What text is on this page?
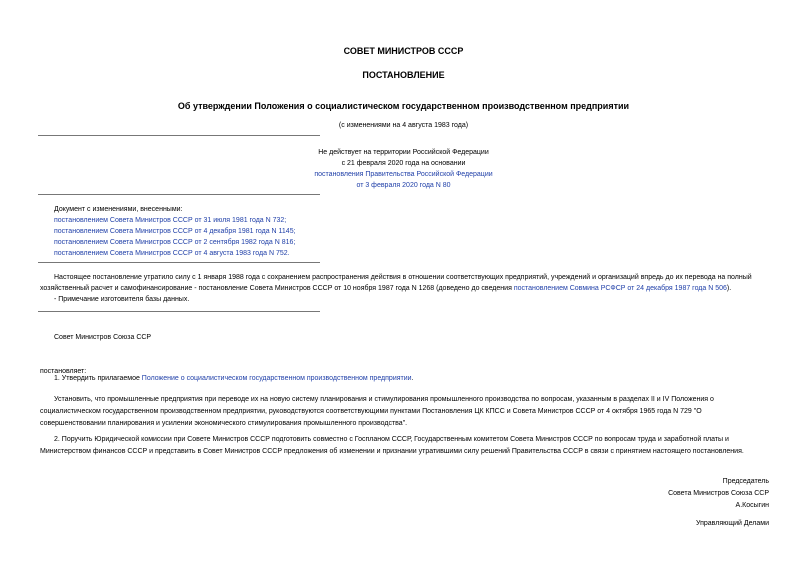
СОВЕТ МИНИСТРОВ СССР
ПОСТАНОВЛЕНИЕ
Об утверждении Положения о социалистическом государственном производственном предприятии
(с изменениями на 4 августа 1983 года)
Не действует на территории Российской Федерации
с 21 февраля 2020 года на основании
постановления Правительства Российской Федерации
от 3 февраля 2020 года N 80
Документ с изменениями, внесенными:
постановлением Совета Министров СССР от 31 июля 1981 года N 732;
постановлением Совета Министров СССР от 4 декабря 1981 года N 1145;
постановлением Совета Министров СССР от 2 сентября 1982 года N 816;
постановлением Совета Министров СССР от 4 августа 1983 года N 752.
Настоящее постановление утратило силу с 1 января 1988 года с сохранением распространения действия в отношении соответствующих предприятий, учреждений и организаций впредь до их перевода на полный
хозяйственный расчет и самофинансирование - постановление Совета Министров СССР от 10 ноября 1987 года N 1268 (доведено до сведения постановлением Совмина РСФСР от 24 декабря 1987 года N 506).
- Примечание изготовителя базы данных.
Совет Министров Союза ССР
постановляет:
1. Утвердить прилагаемое Положение о социалистическом государственном производственном предприятии.
Установить, что промышленные предприятия при переводе их на новую систему планирования и стимулирования промышленного производства по вопросам, указанным в разделах II и IV Положения о
социалистическом государственном производственном предприятии, руководствуются соответствующими пунктами Постановления ЦК КПСС и Совета Министров СССР от 4 октября 1965 года N 729 "О
совершенствовании планирования и усилении экономического стимулирования промышленного производства".
2. Поручить Юридической комиссии при Совете Министров СССР подготовить совместно с Госпланом СССР, Государственным комитетом Совета Министров СССР по вопросам труда и заработной платы и
Министерством финансов СССР и представить в Совет Министров СССР предложения об изменении и признании утратившими силу решений Правительства СССР в связи с принятием настоящего постановления.
Председатель
Совета Министров Союза ССР
А.Косыгин
Управляющий Делами
